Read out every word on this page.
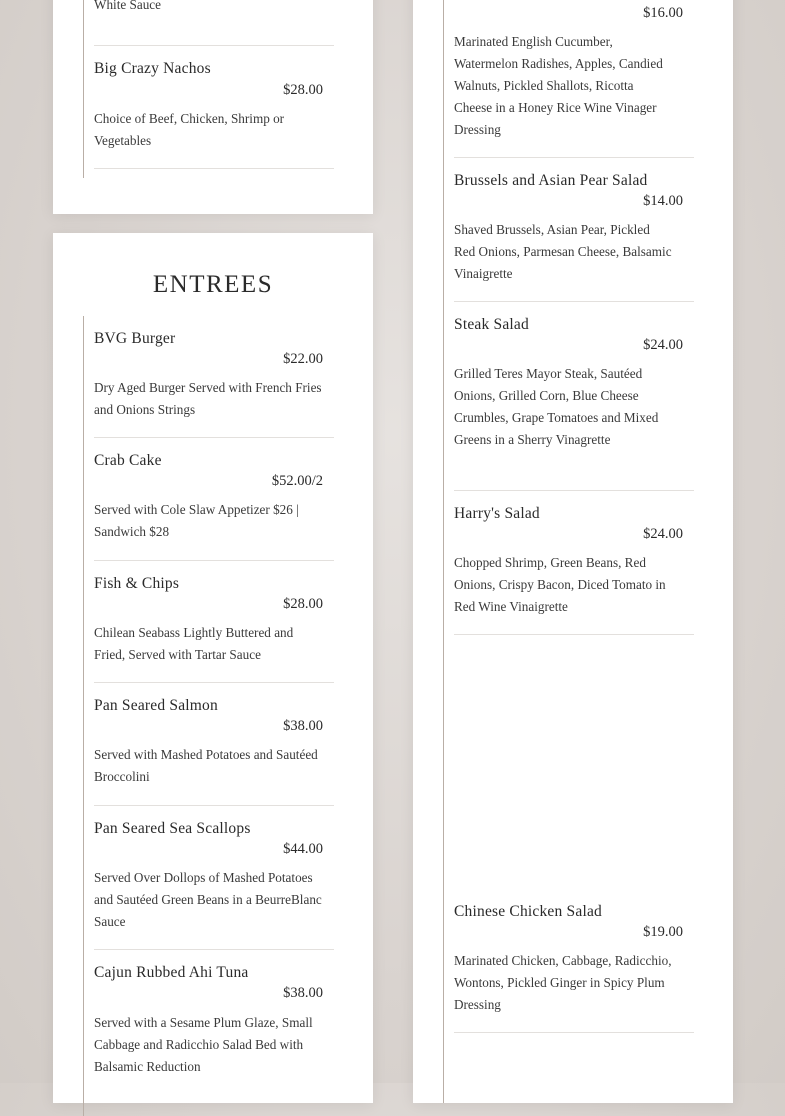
White Sauce
Big Crazy Nachos
$28.00
Choice of Beef, Chicken, Shrimp or Vegetables
ENTREES
BVG Burger
$22.00
Dry Aged Burger Served with French Fries and Onions Strings
Crab Cake
$52.00/2
Served with Cole Slaw Appetizer $26 | Sandwich $28
Fish & Chips
$28.00
Chilean Seabass Lightly Buttered and Fried, Served with Tartar Sauce
Pan Seared Salmon
$38.00
Served with Mashed Potatoes and Sautéed Broccolini
Pan Seared Sea Scallops
$44.00
Served Over Dollops of Mashed Potatoes and Sautéed Green Beans in a BeurreBlanc Sauce
Cajun Rubbed Ahi Tuna
$38.00
Served with a Sesame Plum Glaze, Small Cabbage and Radicchio Salad Bed with Balsamic Reduction
$16.00
Marinated English Cucumber, Watermelon Radishes, Apples, Candied Walnuts, Pickled Shallots, Ricotta Cheese in a Honey Rice Wine Vinager Dressing
Brussels and Asian Pear Salad
$14.00
Shaved Brussels, Asian Pear, Pickled Red Onions, Parmesan Cheese, Balsamic Vinaigrette
Steak Salad
$24.00
Grilled Teres Mayor Steak, Sautéed Onions, Grilled Corn, Blue Cheese Crumbles, Grape Tomatoes and Mixed Greens in a Sherry Vinagrette
Harry's Salad
$24.00
Chopped Shrimp, Green Beans, Red Onions, Crispy Bacon, Diced Tomato in Red Wine Vinaigrette
Chinese Chicken Salad
$19.00
Marinated Chicken, Cabbage, Radicchio, Wontons, Pickled Ginger in Spicy Plum Dressing
